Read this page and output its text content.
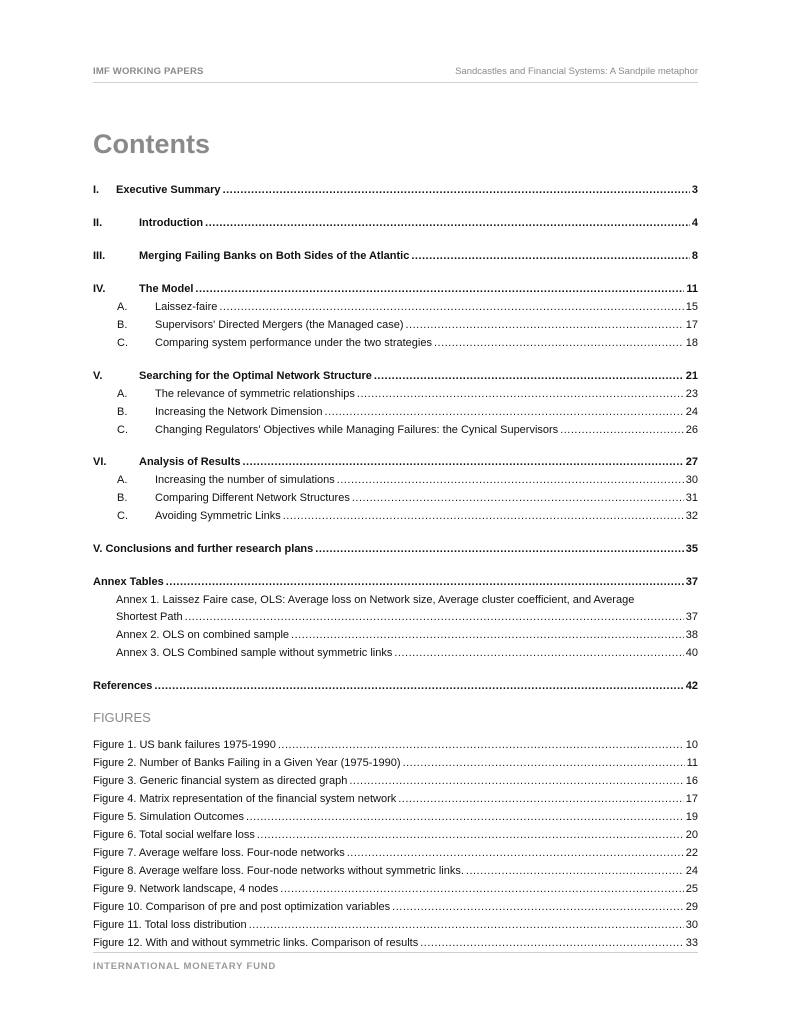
IMF WORKING PAPERS	Sandcastles and Financial Systems: A Sandpile metaphor
Contents
I.	Executive Summary .....	3
II.	Introduction .....	4
III.	Merging Failing Banks on Both Sides of the Atlantic .....	8
IV.	The Model .....	11
A.	Laissez-faire .....	15
B.	Supervisors' Directed Mergers (the Managed case) .....	17
C.	Comparing system performance under the two strategies .....	18
V.	Searching for the Optimal Network Structure .....	21
A.	The relevance of symmetric relationships .....	23
B.	Increasing the Network Dimension .....	24
C.	Changing Regulators' Objectives while Managing Failures: the Cynical Supervisors .....	26
VI.	Analysis of Results .....	27
A.	Increasing the number of simulations .....	30
B.	Comparing Different Network Structures .....	31
C.	Avoiding Symmetric Links .....	32
V. Conclusions and further research plans .....	35
Annex Tables .....	37
Annex 1. Laissez Faire case, OLS: Average loss on Network size, Average cluster coefficient, and Average
Shortest Path .....	37
Annex 2. OLS on combined sample .....	38
Annex 3. OLS Combined sample without symmetric links .....	40
References .....	42
Figure 1. US bank failures 1975-1990 .....	10
Figure 2. Number of Banks Failing in a Given Year (1975-1990) .....	11
Figure 3. Generic financial system as directed graph .....	16
Figure 4. Matrix representation of the financial system network .....	17
Figure 5. Simulation Outcomes .....	19
Figure 6. Total social welfare loss .....	20
Figure 7. Average welfare loss. Four-node networks .....	22
Figure 8. Average welfare loss. Four-node networks without symmetric links. .....	24
Figure 9. Network landscape, 4 nodes .....	25
Figure 10. Comparison of pre and post optimization variables .....	29
Figure 11. Total loss distribution .....	30
Figure 12. With and without symmetric links. Comparison of results .....	33
FIGURES
INTERNATIONAL MONETARY FUND
